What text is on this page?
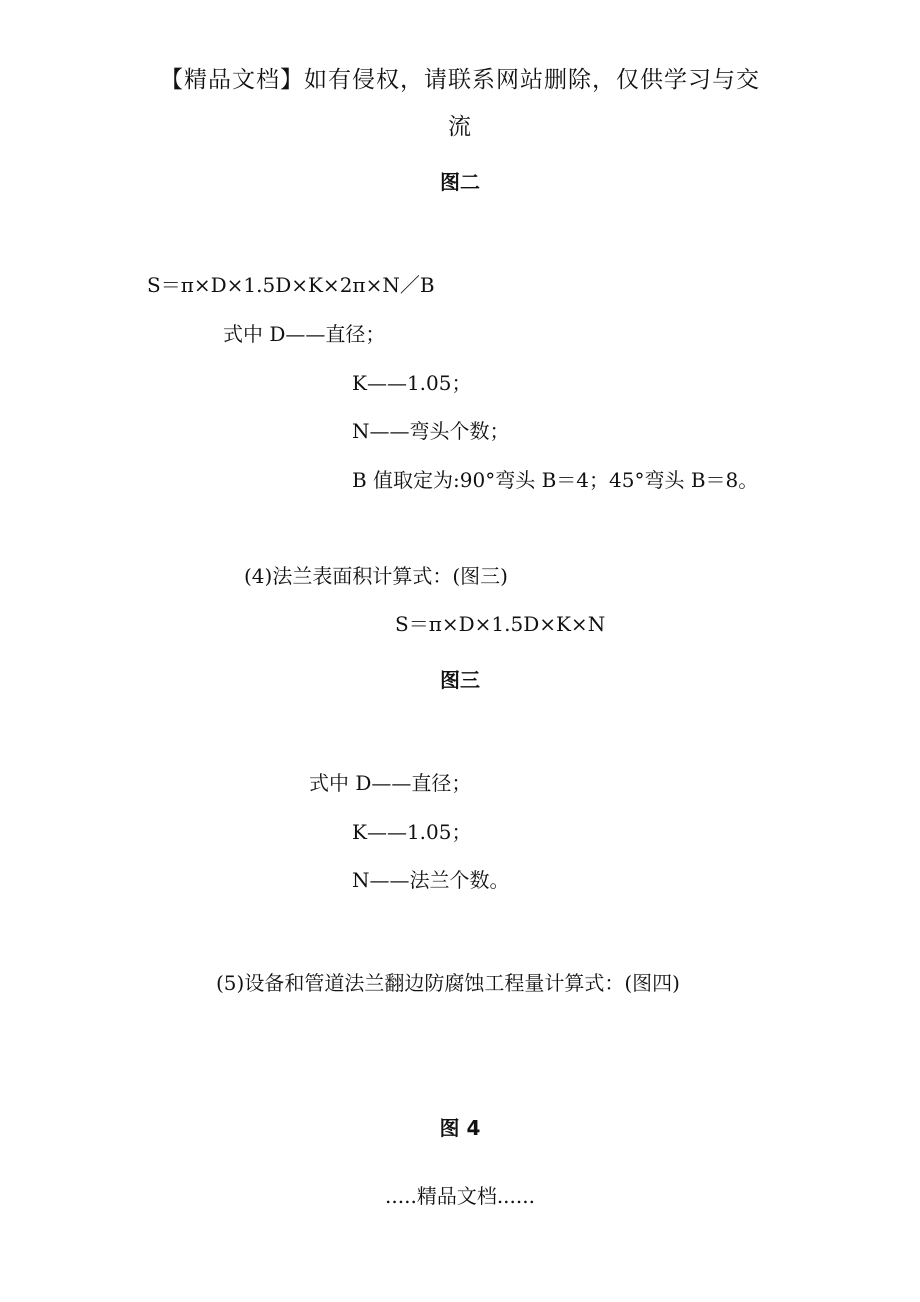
【精品文档】如有侵权，请联系网站删除，仅供学习与交
流
图二
S＝π×D×1.5D×K×2π×N／B
式中 D——直径；
K——1.05；
N——弯头个数；
B 值取定为:90°弯头 B＝4；45°弯头 B＝8。
(4)法兰表面积计算式：(图三)
S＝π×D×1.5D×K×N
图三
式中 D——直径；
K——1.05；
N——法兰个数。
(5)设备和管道法兰翻边防腐蚀工程量计算式：(图四)
图 4
.....精品文档......
